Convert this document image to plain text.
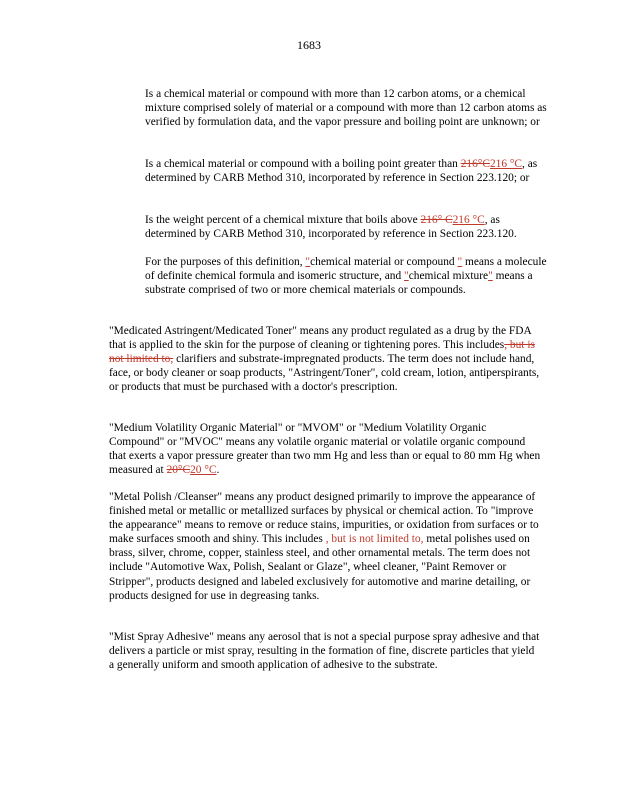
1683

Is a chemical material or compound with more than 12 carbon atoms, or a chemical mixture comprised solely of material or a compound with more than 12 carbon atoms as verified by formulation data, and the vapor pressure and boiling point are unknown; or

Is a chemical material or compound with a boiling point greater than 216°C216 °C, as determined by CARB Method 310, incorporated by reference in Section 223.120; or

Is the weight percent of a chemical mixture that boils above 216° C216 °C, as determined by CARB Method 310, incorporated by reference in Section 223.120.

For the purposes of this definition, "chemical material or compound " means a molecule of definite chemical formula and isomeric structure, and "chemical mixture" means a substrate comprised of two or more chemical materials or compounds.

"Medicated Astringent/Medicated Toner" means any product regulated as a drug by the FDA that is applied to the skin for the purpose of cleaning or tightening pores. This includes, but is not limited to, clarifiers and substrate-impregnated products. The term does not include hand, face, or body cleaner or soap products, "Astringent/Toner", cold cream, lotion, antiperspirants, or products that must be purchased with a doctor's prescription.

"Medium Volatility Organic Material" or "MVOM" or "Medium Volatility Organic Compound" or "MVOC" means any volatile organic material or volatile organic compound that exerts a vapor pressure greater than two mm Hg and less than or equal to 80 mm Hg when measured at 20°C20 °C.

"Metal Polish /Cleanser" means any product designed primarily to improve the appearance of finished metal or metallic or metallized surfaces by physical or chemical action. To "improve the appearance" means to remove or reduce stains, impurities, or oxidation from surfaces or to make surfaces smooth and shiny. This includes , but is not limited to, metal polishes used on brass, silver, chrome, copper, stainless steel, and other ornamental metals. The term does not include "Automotive Wax, Polish, Sealant or Glaze", wheel cleaner, "Paint Remover or Stripper", products designed and labeled exclusively for automotive and marine detailing, or products designed for use in degreasing tanks.

"Mist Spray Adhesive" means any aerosol that is not a special purpose spray adhesive and that delivers a particle or mist spray, resulting in the formation of fine, discrete particles that yield a generally uniform and smooth application of adhesive to the substrate.
